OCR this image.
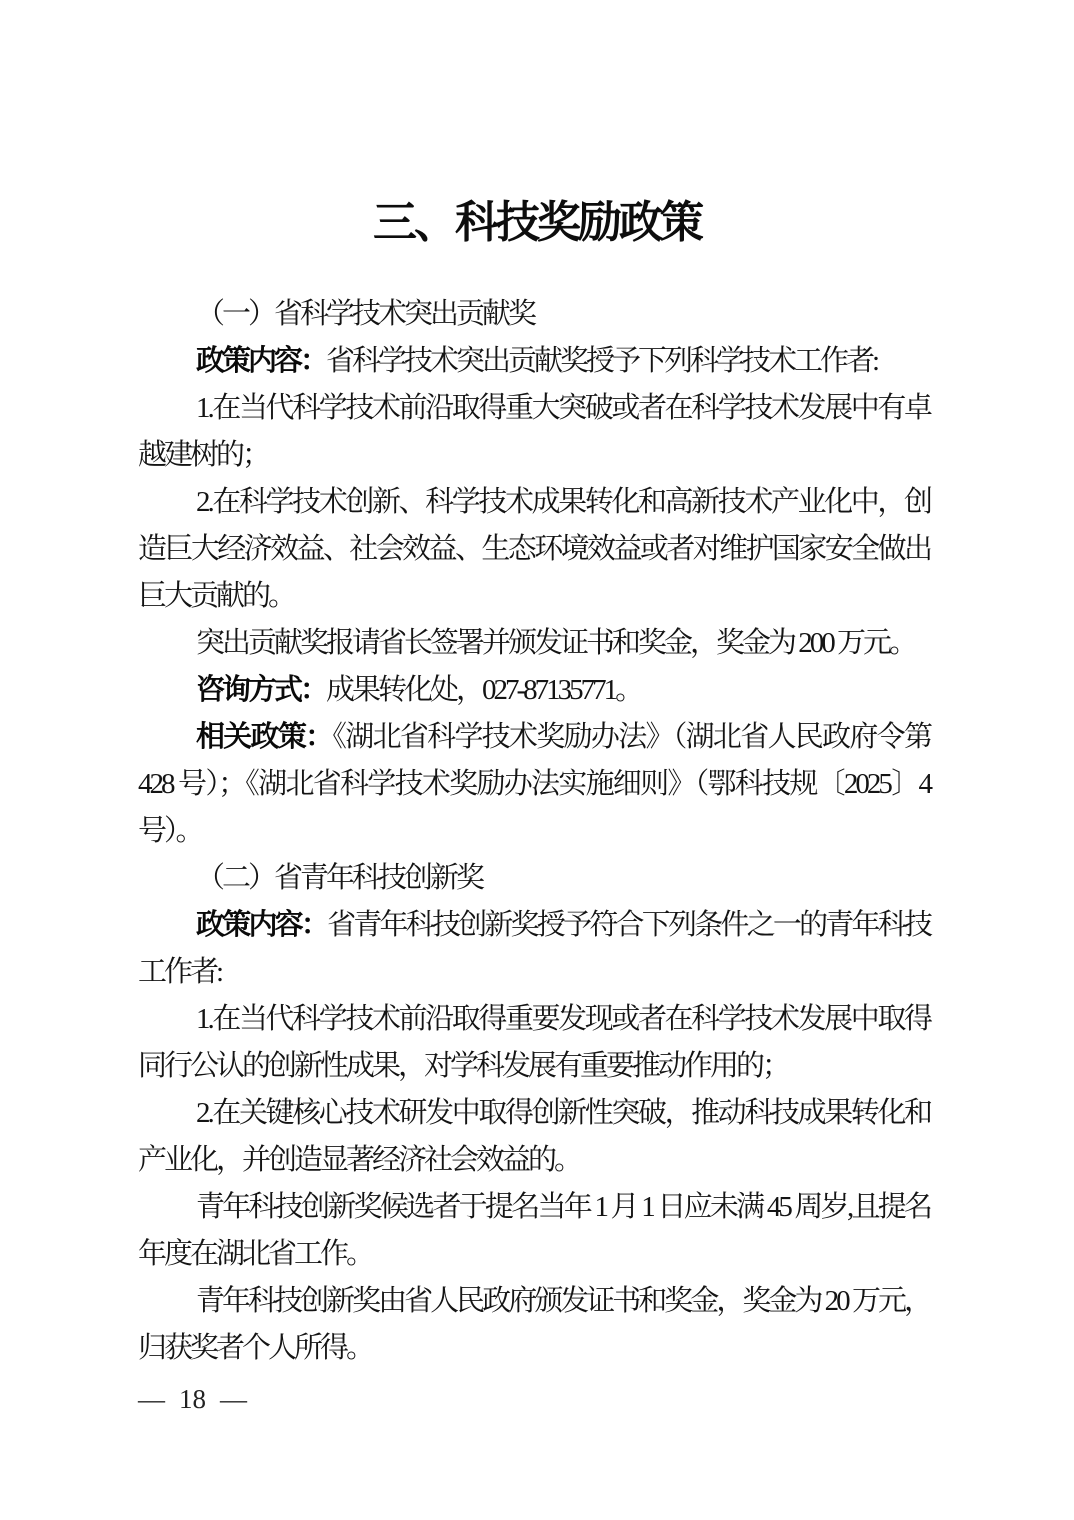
三、科技奖励政策

（一）省科学技术突出贡献奖

政策内容：省科学技术突出贡献奖授予下列科学技术工作者:

1.在当代科学技术前沿取得重大突破或者在科学技术发展中有卓越建树的；

2.在科学技术创新、科学技术成果转化和高新技术产业化中，创造巨大经济效益、社会效益、生态环境效益或者对维护国家安全做出巨大贡献的。

突出贡献奖报请省长签署并颁发证书和奖金，奖金为 200 万元。

咨询方式：成果转化处，027-87135771。

相关政策：《湖北省科学技术奖励办法》（湖北省人民政府令第 428 号）；《湖北省科学技术奖励办法实施细则》（鄂科技规〔2025〕4 号）。

（二）省青年科技创新奖

政策内容：省青年科技创新奖授予符合下列条件之一的青年科技工作者:

1.在当代科学技术前沿取得重要发现或者在科学技术发展中取得同行公认的创新性成果，对学科发展有重要推动作用的；

2.在关键核心技术研发中取得创新性突破，推动科技成果转化和产业化，并创造显著经济社会效益的。

青年科技创新奖候选者于提名当年 1 月 1 日应未满 45 周岁,且提名年度在湖北省工作。

青年科技创新奖由省人民政府颁发证书和奖金，奖金为 20 万元，归获奖者个人所得。

— 18 —
